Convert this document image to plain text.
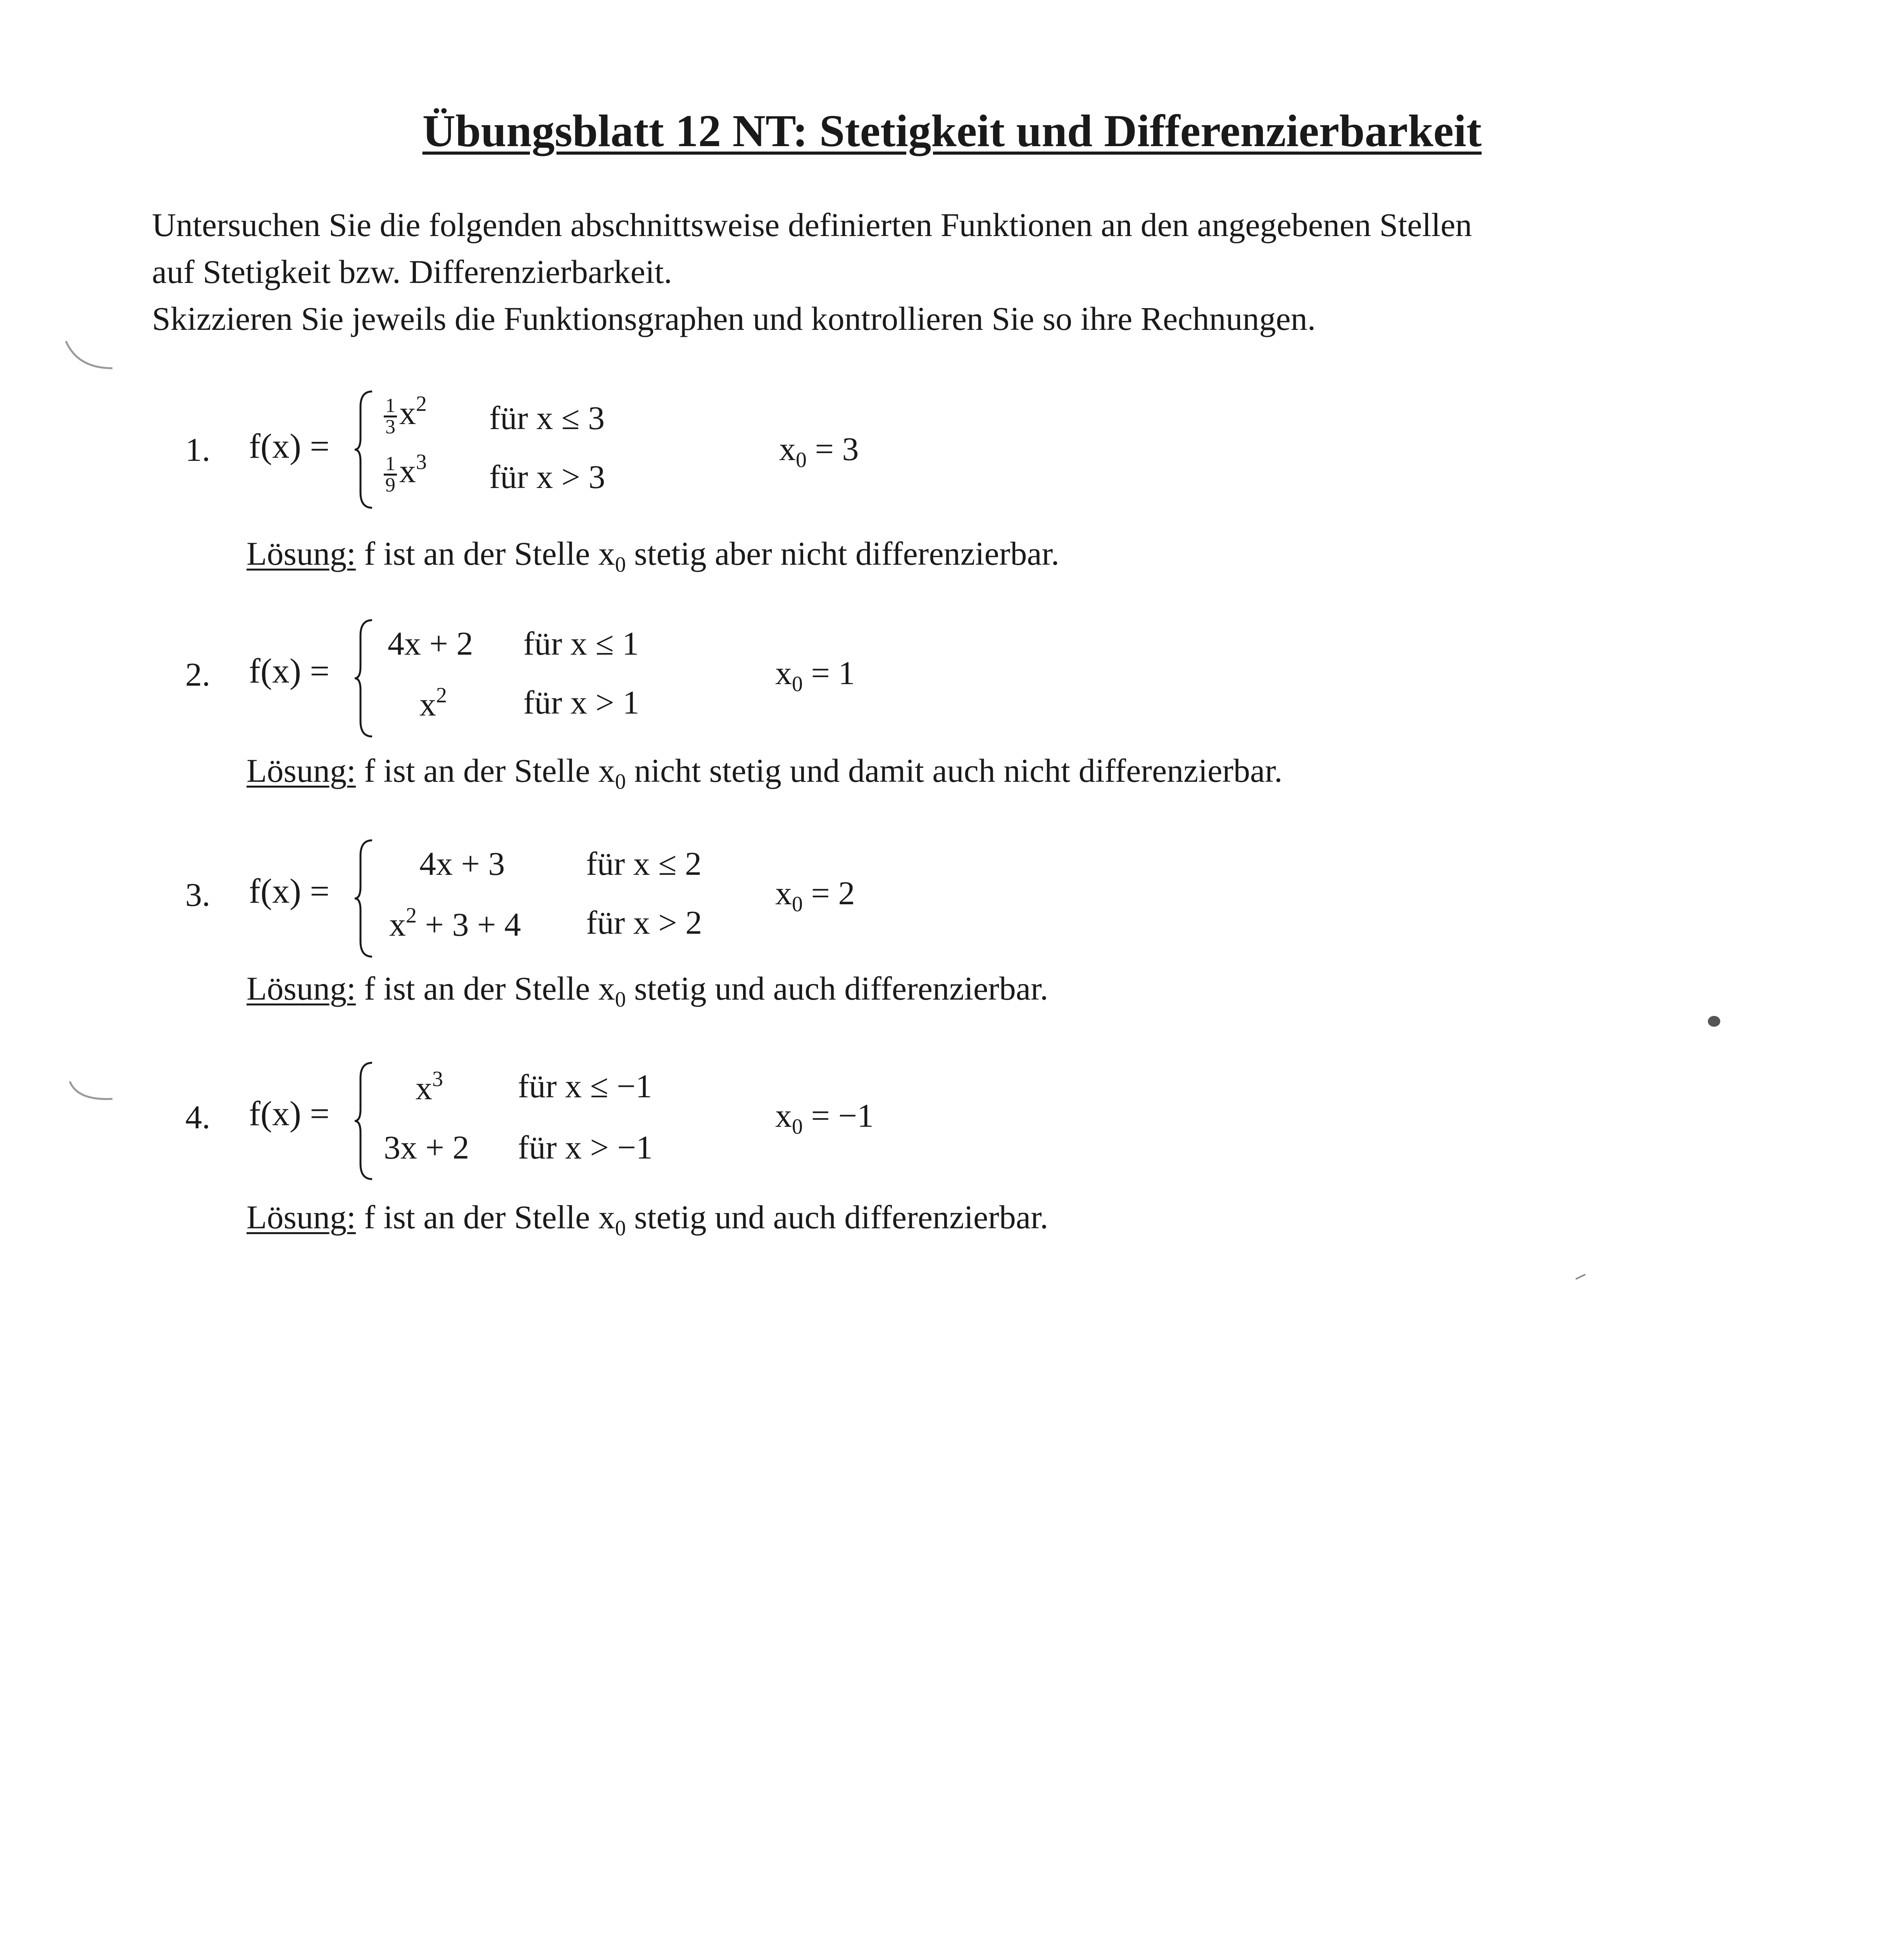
Übungsblatt 12 NT: Stetigkeit und Differenzierbarkeit

Untersuchen Sie die folgenden abschnittsweise definierten Funktionen an den angegebenen Stellen

auf Stetigkeit bzw. Differenzierbarkeit.

Skizzieren Sie jeweils die Funktionsgraphen und kontrollieren Sie so ihre Rechnungen.

1. f(x) =
$\frac{1}{3} x^2$ für x ≤ 3
$\frac{1}{9} x^3$ für x > 3
$x_0 = 3$
Lösung: f ist an der Stelle $x_0$ stetig aber nicht differenzierbar.
2. f(x) =
4x + 2 für x ≤ 1
$x^2$ für x > 1
$x_0 = 1$
Lösung: f ist an der Stelle $x_0$ nicht stetig und damit auch nicht differenzierbar.
3. f(x) =
4x + 3 für x ≤ 2
$x^2 + 3 + 4$ für x > 2
$x_0 = 2$
Lösung: f ist an der Stelle $x_0$ stetig und auch differenzierbar.
4. f(x) =
$x^3$ für x ≤ −1
3x + 2 für x > −1
$x_0 = -1$
Lösung: f ist an der Stelle $x_0$ stetig und auch differenzierbar.
